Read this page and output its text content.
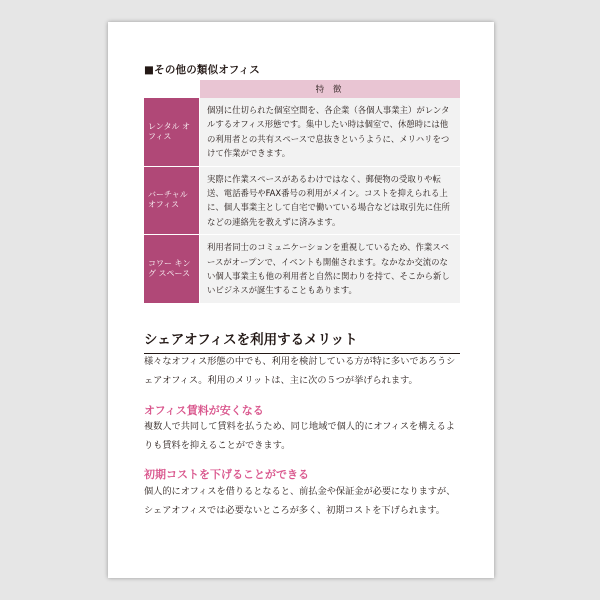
■その他の類似オフィス
特 徴
レンタル オフィス
個別に仕切られた個室空間を、各企業（各個人事業主）がレンタルするオフィス形態です。集中したい時は個室で、休憩時には他の利用者との共有スペースで息抜きというように、メリハリをつけて作業ができます。
バーチャル オフィス
実際に作業スペースがあるわけではなく、郵便物の受取りや転送、電話番号やFAX番号の利用がメイン。コストを抑えられる上に、個人事業主として自宅で働いている場合などは取引先に住所などの連絡先を教えずに済みます。
コワー キング スペース
利用者同士のコミュニケーションを重視しているため、作業スペースがオープンで、イベントも開催されます。なかなか交流のない個人事業主も他の利用者と自然に関わりを持て、そこから新しいビジネスが誕生することもあります。
シェアオフィスを利用するメリット
様々なオフィス形態の中でも、利用を検討している方が特に多いであろうシェアオフィス。利用のメリットは、主に次の５つが挙げられます。
オフィス賃料が安くなる
複数人で共同して賃料を払うため、同じ地域で個人的にオフィスを構えるよりも賃料を抑えることができます。
初期コストを下げることができる
個人的にオフィスを借りるとなると、前払金や保証金が必要になりますが、シェアオフィスでは必要ないところが多く、初期コストを下げられます。
